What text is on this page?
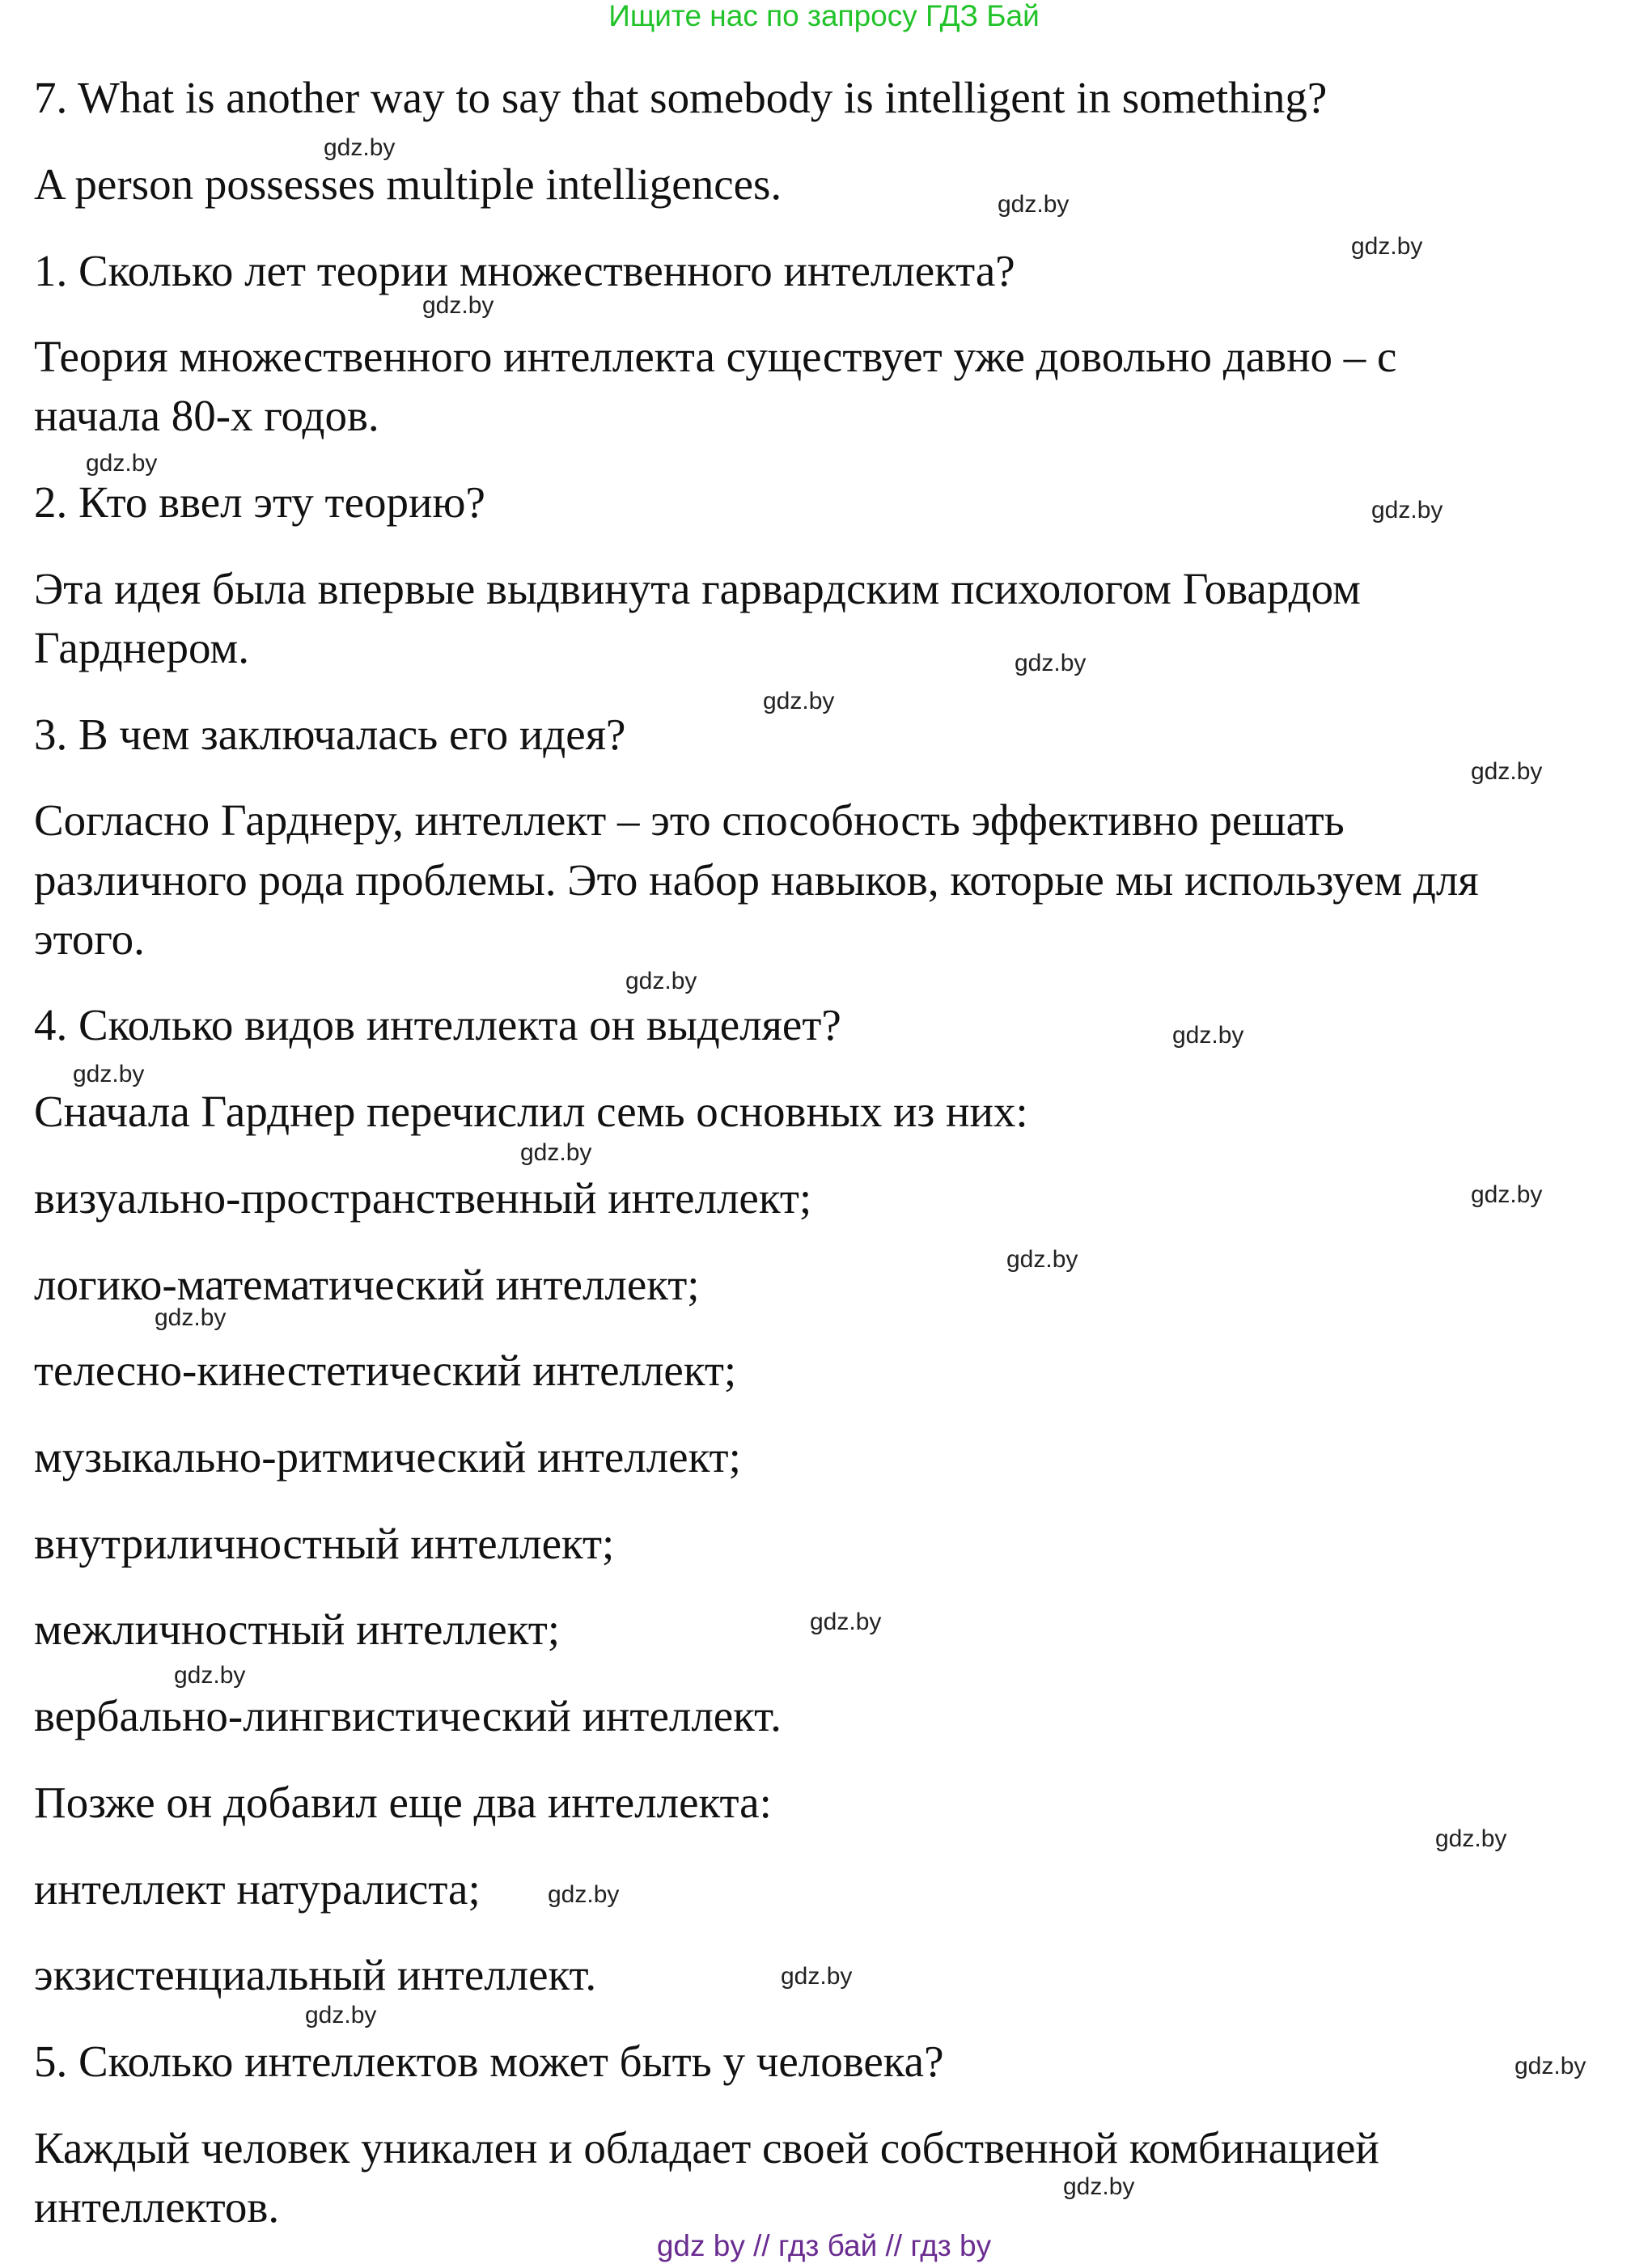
Ищите нас по запросу ГДЗ Бай
7. What is another way to say that somebody is intelligent in something?
A person possesses multiple intelligences.
1. Сколько лет теории множественного интеллекта?
Теория множественного интеллекта существует уже довольно давно – с
начала 80-х годов.
2. Кто ввел эту теорию?
Эта идея была впервые выдвинута гарвардским психологом Говардом
Гарднером.
3. В чем заключалась его идея?
Согласно Гарднеру, интеллект – это способность эффективно решать
различного рода проблемы. Это набор навыков, которые мы используем для
этого.
4. Сколько видов интеллекта он выделяет?
Сначала Гарднер перечислил семь основных из них:
визуально-пространственный интеллект;
логико-математический интеллект;
телесно-кинестетический интеллект;
музыкально-ритмический интеллект;
внутриличностный интеллект;
межличностный интеллект;
вербально-лингвистический интеллект.
Позже он добавил еще два интеллекта:
интеллект натуралиста;
экзистенциальный интеллект.
5. Сколько интеллектов может быть у человека?
Каждый человек уникален и обладает своей собственной комбинацией
интеллектов.
gdz.by
gdz.by
gdz.by
gdz.by
gdz.by
gdz.by
gdz.by
gdz.by
gdz.by
gdz.by
gdz.by
gdz.by
gdz.by
gdz.by
gdz.by
gdz.by
gdz.by
gdz.by
gdz.by
gdz.by
gdz.by
gdz.by
gdz.by
gdz.by
gdz by // гдз бай // гдз by
